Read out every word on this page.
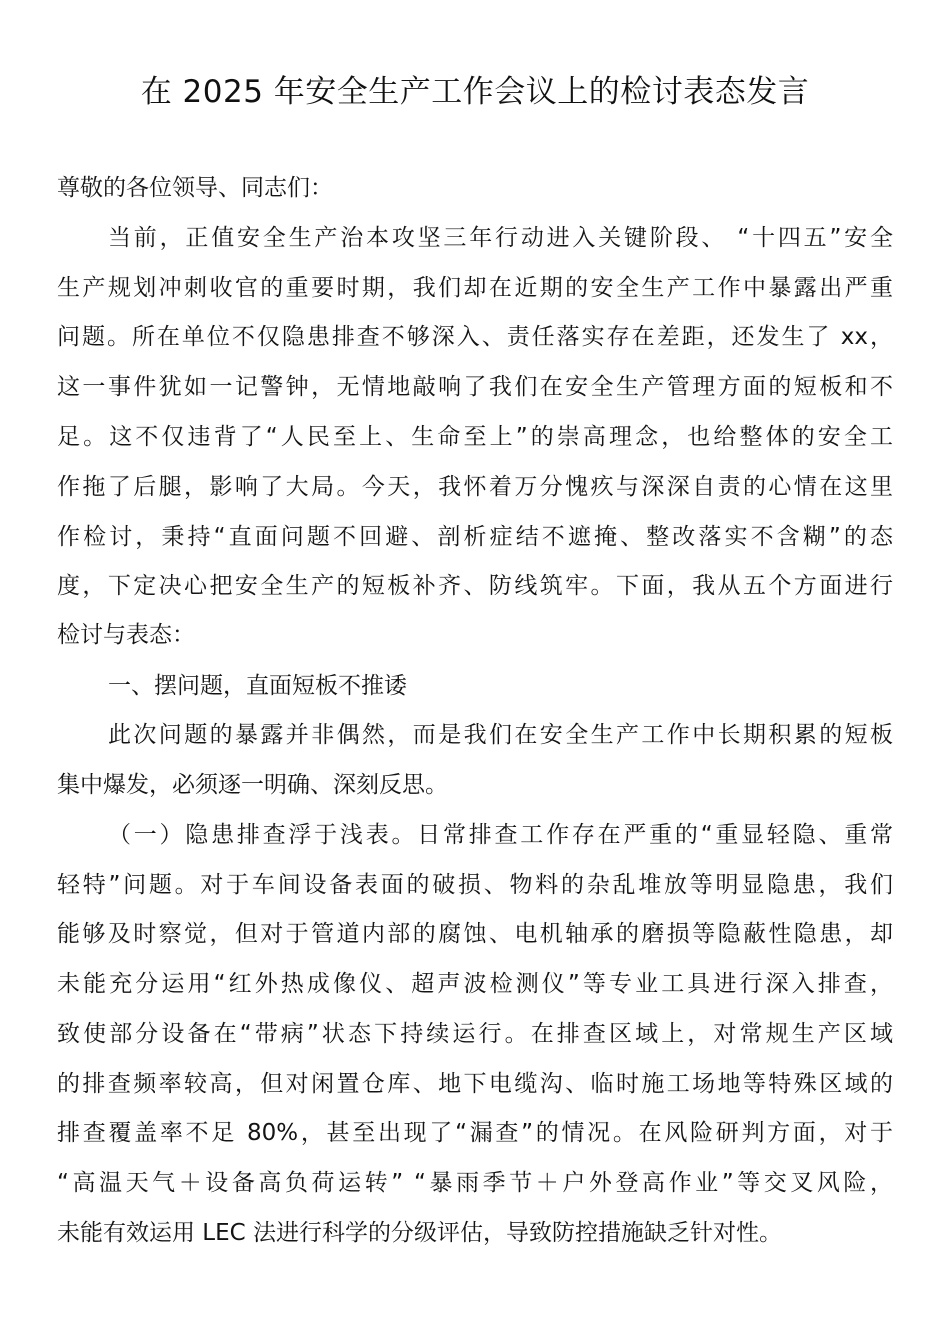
在 2025 年安全生产工作会议上的检讨表态发言
尊敬的各位领导、同志们：
当前，正值安全生产治本攻坚三年行动进入关键阶段、 “十四五”安全
生产规划冲刺收官的重要时期，我们却在近期的安全生产工作中暴露出严重
问题。所在单位不仅隐患排查不够深入、责任落实存在差距，还发生了 xx，
这一事件犹如一记警钟，无情地敲响了我们在安全生产管理方面的短板和不
足。这不仅违背了“人民至上、生命至上”的崇高理念，也给整体的安全工
作拖了后腿，影响了大局。今天，我怀着万分愧疚与深深自责的心情在这里
作检讨，秉持“直面问题不回避、剖析症结不遮掩、整改落实不含糊”的态
度，下定决心把安全生产的短板补齐、防线筑牢。下面，我从五个方面进行
检讨与表态：
一、摆问题，直面短板不推诿
此次问题的暴露并非偶然，而是我们在安全生产工作中长期积累的短板
集中爆发，必须逐一明确、深刻反思。
（一）隐患排查浮于浅表。日常排查工作存在严重的“重显轻隐、重常
轻特”问题。对于车间设备表面的破损、物料的杂乱堆放等明显隐患，我们
能够及时察觉，但对于管道内部的腐蚀、电机轴承的磨损等隐蔽性隐患，却
未能充分运用“红外热成像仪、超声波检测仪”等专业工具进行深入排查，
致使部分设备在“带病”状态下持续运行。在排查区域上，对常规生产区域
的排查频率较高，但对闲置仓库、地下电缆沟、临时施工场地等特殊区域的
排查覆盖率不足 80%，甚至出现了“漏查”的情况。在风险研判方面，对于
“高温天气＋设备高负荷运转” “暴雨季节＋户外登高作业”等交叉风险，
未能有效运用 LEC 法进行科学的分级评估，导致防控措施缺乏针对性。
